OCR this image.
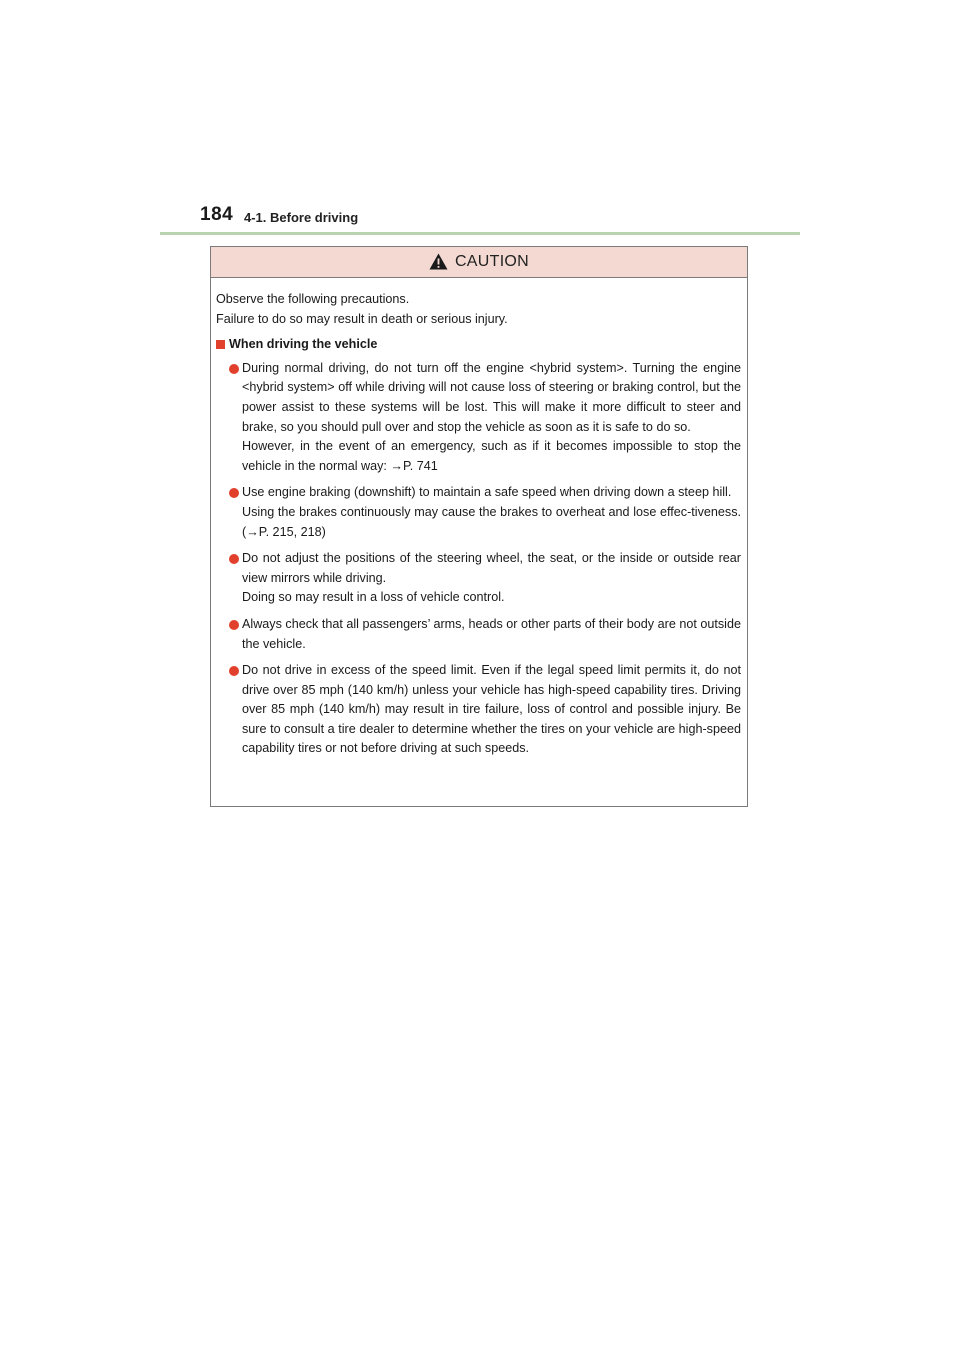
184 4-1. Before driving
CAUTION

Observe the following precautions.

Failure to do so may result in death or serious injury.

When driving the vehicle
During normal driving, do not turn off the engine <hybrid system>. Turning the engine <hybrid system> off while driving will not cause loss of steering or braking control, but the power assist to these systems will be lost. This will make it more difficult to steer and brake, so you should pull over and stop the vehicle as soon as it is safe to do so.
However, in the event of an emergency, such as if it becomes impossible to stop the vehicle in the normal way: →P. 741
Use engine braking (downshift) to maintain a safe speed when driving down a steep hill.
Using the brakes continuously may cause the brakes to overheat and lose effec-tiveness. (→P. 215, 218)
Do not adjust the positions of the steering wheel, the seat, or the inside or outside rear view mirrors while driving.
Doing so may result in a loss of vehicle control.
Always check that all passengers’ arms, heads or other parts of their body are not outside the vehicle.
Do not drive in excess of the speed limit. Even if the legal speed limit permits it, do not drive over 85 mph (140 km/h) unless your vehicle has high-speed capability tires. Driving over 85 mph (140 km/h) may result in tire failure, loss of control and possible injury. Be sure to consult a tire dealer to determine whether the tires on your vehicle are high-speed capability tires or not before driving at such speeds.
